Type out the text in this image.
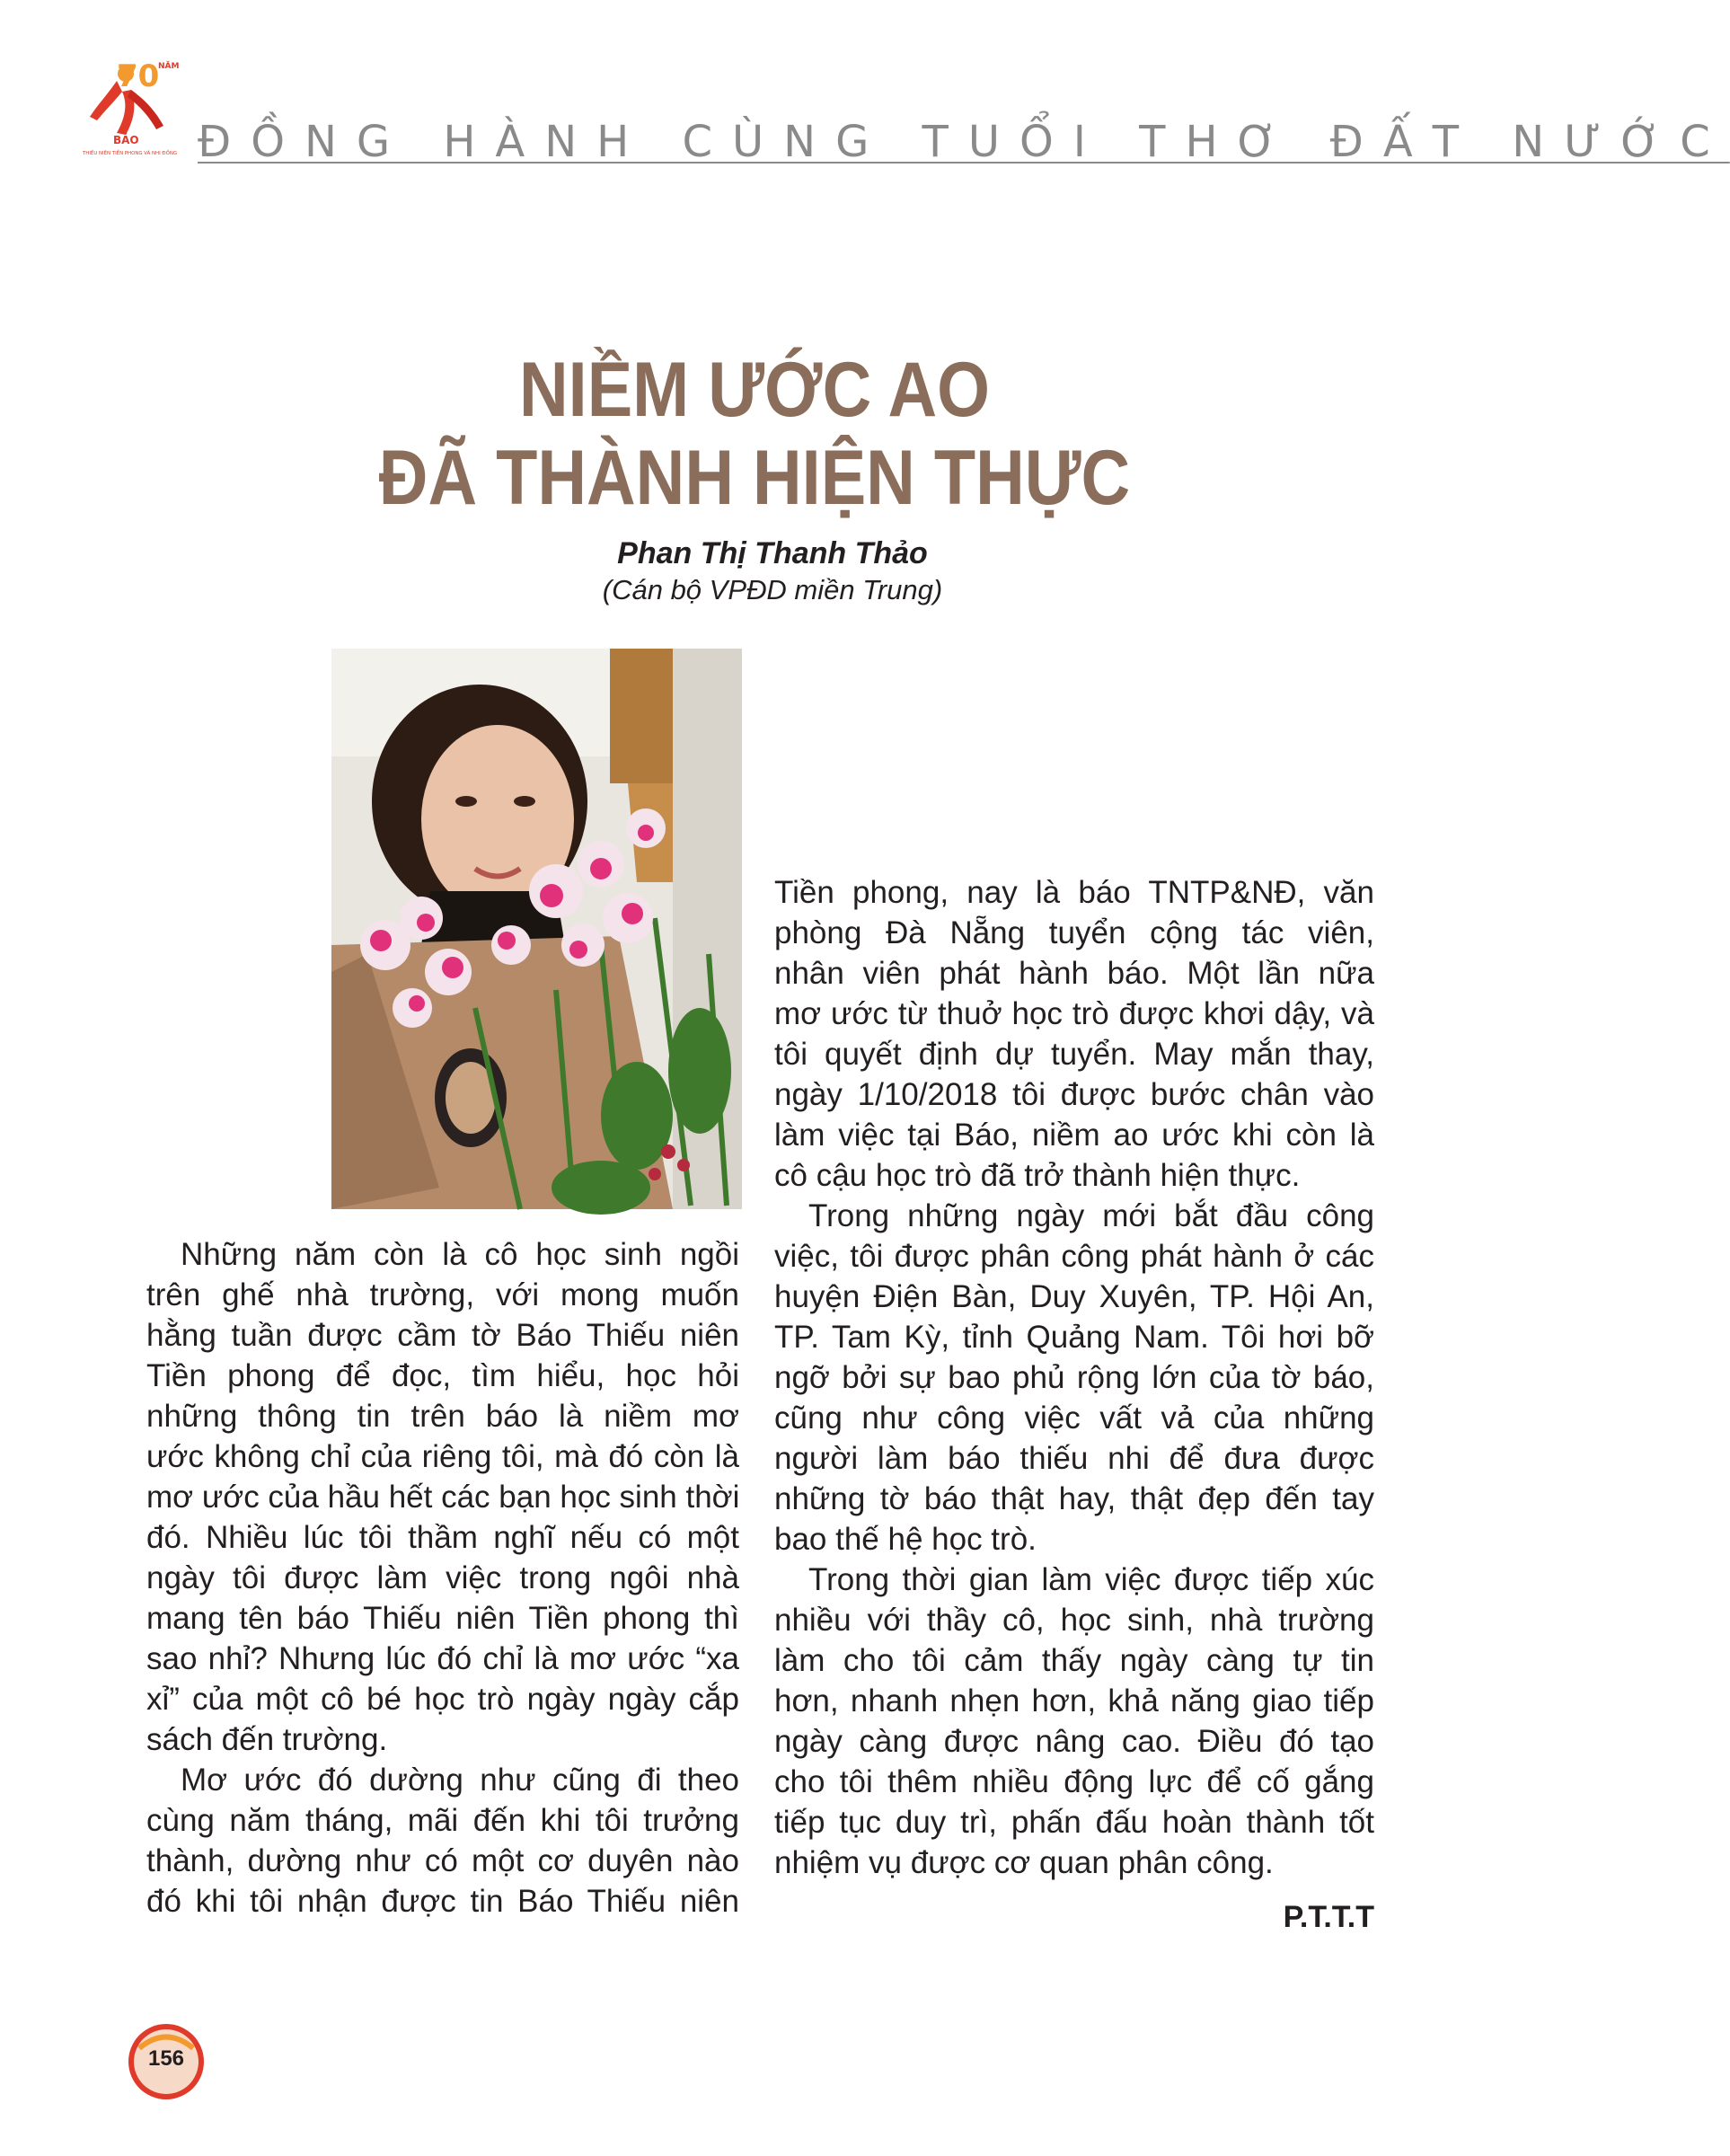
70
NĂM
BÁO
THIẾU NIÊN TIỀN PHONG VÀ NHI ĐỒNG ĐỒNG HÀNH CÙNG TUỔI THƠ ĐẤT NƯỚC
NIỀM ƯỚC AO
ĐÃ THÀNH HIỆN THỰC
Phan Thị Thanh Thảo
(Cán bộ VPĐD miền Trung)

Những năm còn là cô học sinh ngồi
trên ghế nhà trường, với mong muốn
hằng tuần được cầm tờ Báo Thiếu niên
Tiền phong để đọc, tìm hiểu, học hỏi
những thông tin trên báo là niềm mơ
ước không chỉ của riêng tôi, mà đó còn là
mơ ước của hầu hết các bạn học sinh thời
đó. Nhiều lúc tôi thầm nghĩ nếu có một
ngày tôi được làm việc trong ngôi nhà
mang tên báo Thiếu niên Tiền phong thì
sao nhỉ? Nhưng lúc đó chỉ là mơ ước “xa
xỉ” của một cô bé học trò ngày ngày cắp
sách đến trường.

Mơ ước đó dường như cũng đi theo
cùng năm tháng, mãi đến khi tôi trưởng
thành, dường như có một cơ duyên nào
đó khi tôi nhận được tin Báo Thiếu niên

Tiền phong, nay là báo TNTP&NĐ, văn
phòng Đà Nẵng tuyển cộng tác viên,
nhân viên phát hành báo. Một lần nữa
mơ ước từ thuở học trò được khơi dậy, và
tôi quyết định dự tuyển. May mắn thay,
ngày 1/10/2018 tôi được bước chân vào
làm việc tại Báo, niềm ao ước khi còn là
cô cậu học trò đã trở thành hiện thực.

Trong những ngày mới bắt đầu công
việc, tôi được phân công phát hành ở các
huyện Điện Bàn, Duy Xuyên, TP. Hội An,
TP. Tam Kỳ, tỉnh Quảng Nam. Tôi hơi bỡ
ngỡ bởi sự bao phủ rộng lớn của tờ báo,
cũng như công việc vất vả của những
người làm báo thiếu nhi để đưa được
những tờ báo thật hay, thật đẹp đến tay
bao thế hệ học trò.

Trong thời gian làm việc được tiếp xúc
nhiều với thầy cô, học sinh, nhà trường
làm cho tôi cảm thấy ngày càng tự tin
hơn, nhanh nhẹn hơn, khả năng giao tiếp
ngày càng được nâng cao. Điều đó tạo
cho tôi thêm nhiều động lực để cố gắng
tiếp tục duy trì, phấn đấu hoàn thành tốt
nhiệm vụ được cơ quan phân công.

P.T.T.T
156
